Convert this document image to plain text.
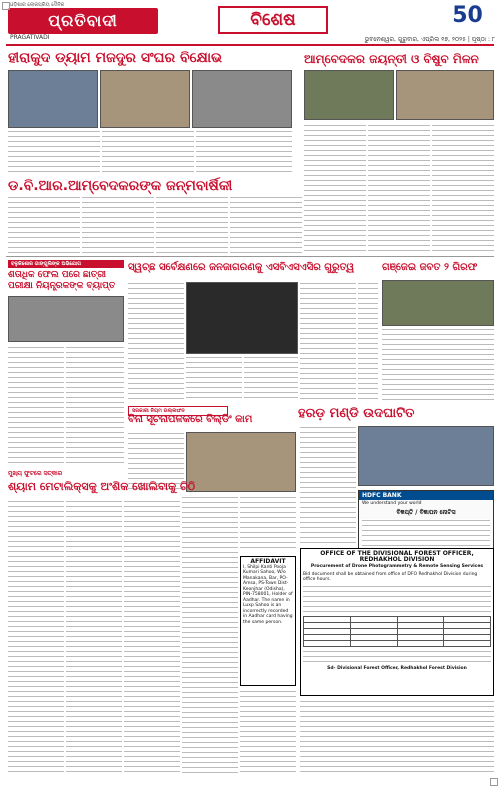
ଓଡ଼ିଶାର ଲୋକପ୍ରିୟ ଦୈନିକ
ପ୍ରତିବାଦୀ
PRAGATIVADI
ବିଶେଷ	50
ଭୁବନେଶ୍ୱର, ଗୁରୁବାର, ଏପ୍ରିଲ ୧୭, ୨୦୨୫ | ପୃଷ୍ଠା : ୮
ହୀରାକୁଦ ଡ୍ୟାମ ମଜଦୁର ସଂଘର ବିକ୍ଷୋଭ	ଆମ୍ବେଦକର ଜୟନ୍ତୀ ଓ ବିଷୁବ ମିଳନ
ଡ.ବି.ଆର.ଆମ୍ବେଦକରଙ୍କ ଜନ୍ମବାର୍ଷିକୀ
ବଳୁକିଶୋର ଗାଙ୍ଗୁଲିଙ୍କ ଅଭିଯୋଗ
ଶତାଧିକ ଫେଲ ପରେ ଛାତ୍ରୀ ପରୀକ୍ଷା ନିୟନ୍ତ୍ରକଙ୍କ ବ୍ୟାପ୍ତ
ସ୍ୱଚ୍ଛ ସର୍ବେକ୍ଷଣରେ ଜନଜାଗରଣକୁ ଏସବିଏସଏସିର ଗୁରୁତ୍ୱ	ଗଞ୍ଜେଇ ଜବତ ୨ ଗିରଫ
ସରକାରୀ ନିୟମ ଉଲ୍ଲଙ୍ଘନ
ବିନା ସୂଚନାପଳକରେ ବିଲ୍ଡିଂ କାମ	ହରଡ଼ ମଣ୍ଡି ଉଦଘାଟିତ
HDFC BANK
We understand your world
ବିଜ୍ଞପ୍ତି / ବିଜ୍ଞାପନ ନୋଟିସ

ମୁଖ୍ୟ ଫୁଟରେ ସତ୍କାର
ଶ୍ୟାମ ମେଟାଲିକ୍ସକୁ ଅଂଶିକ ଖୋଲିବାକୁ ଚିଠି
AFFIDAVIT
I, Shilpi Kanti Pooja Kumari Sahoo, W/o Manakana, Bar, PO-Amsa, PS-Town Dist-Keonjhar (Odisha), PIN-758001, Holder of Aadhar. The name in Luxp Sahoo is an incorrectly recorded in Aadhar card having the same person.
OFFICE OF THE DIVISIONAL FOREST OFFICER, REDHAKHOL DIVISION
Procurement of Drone Photogrammetry & Remote Sensing Services
Bid document shall be obtained from office of DFO Redhakhol Division during office hours.

Sd- Divisional Forest Officer, Redhakhol Forest Division
